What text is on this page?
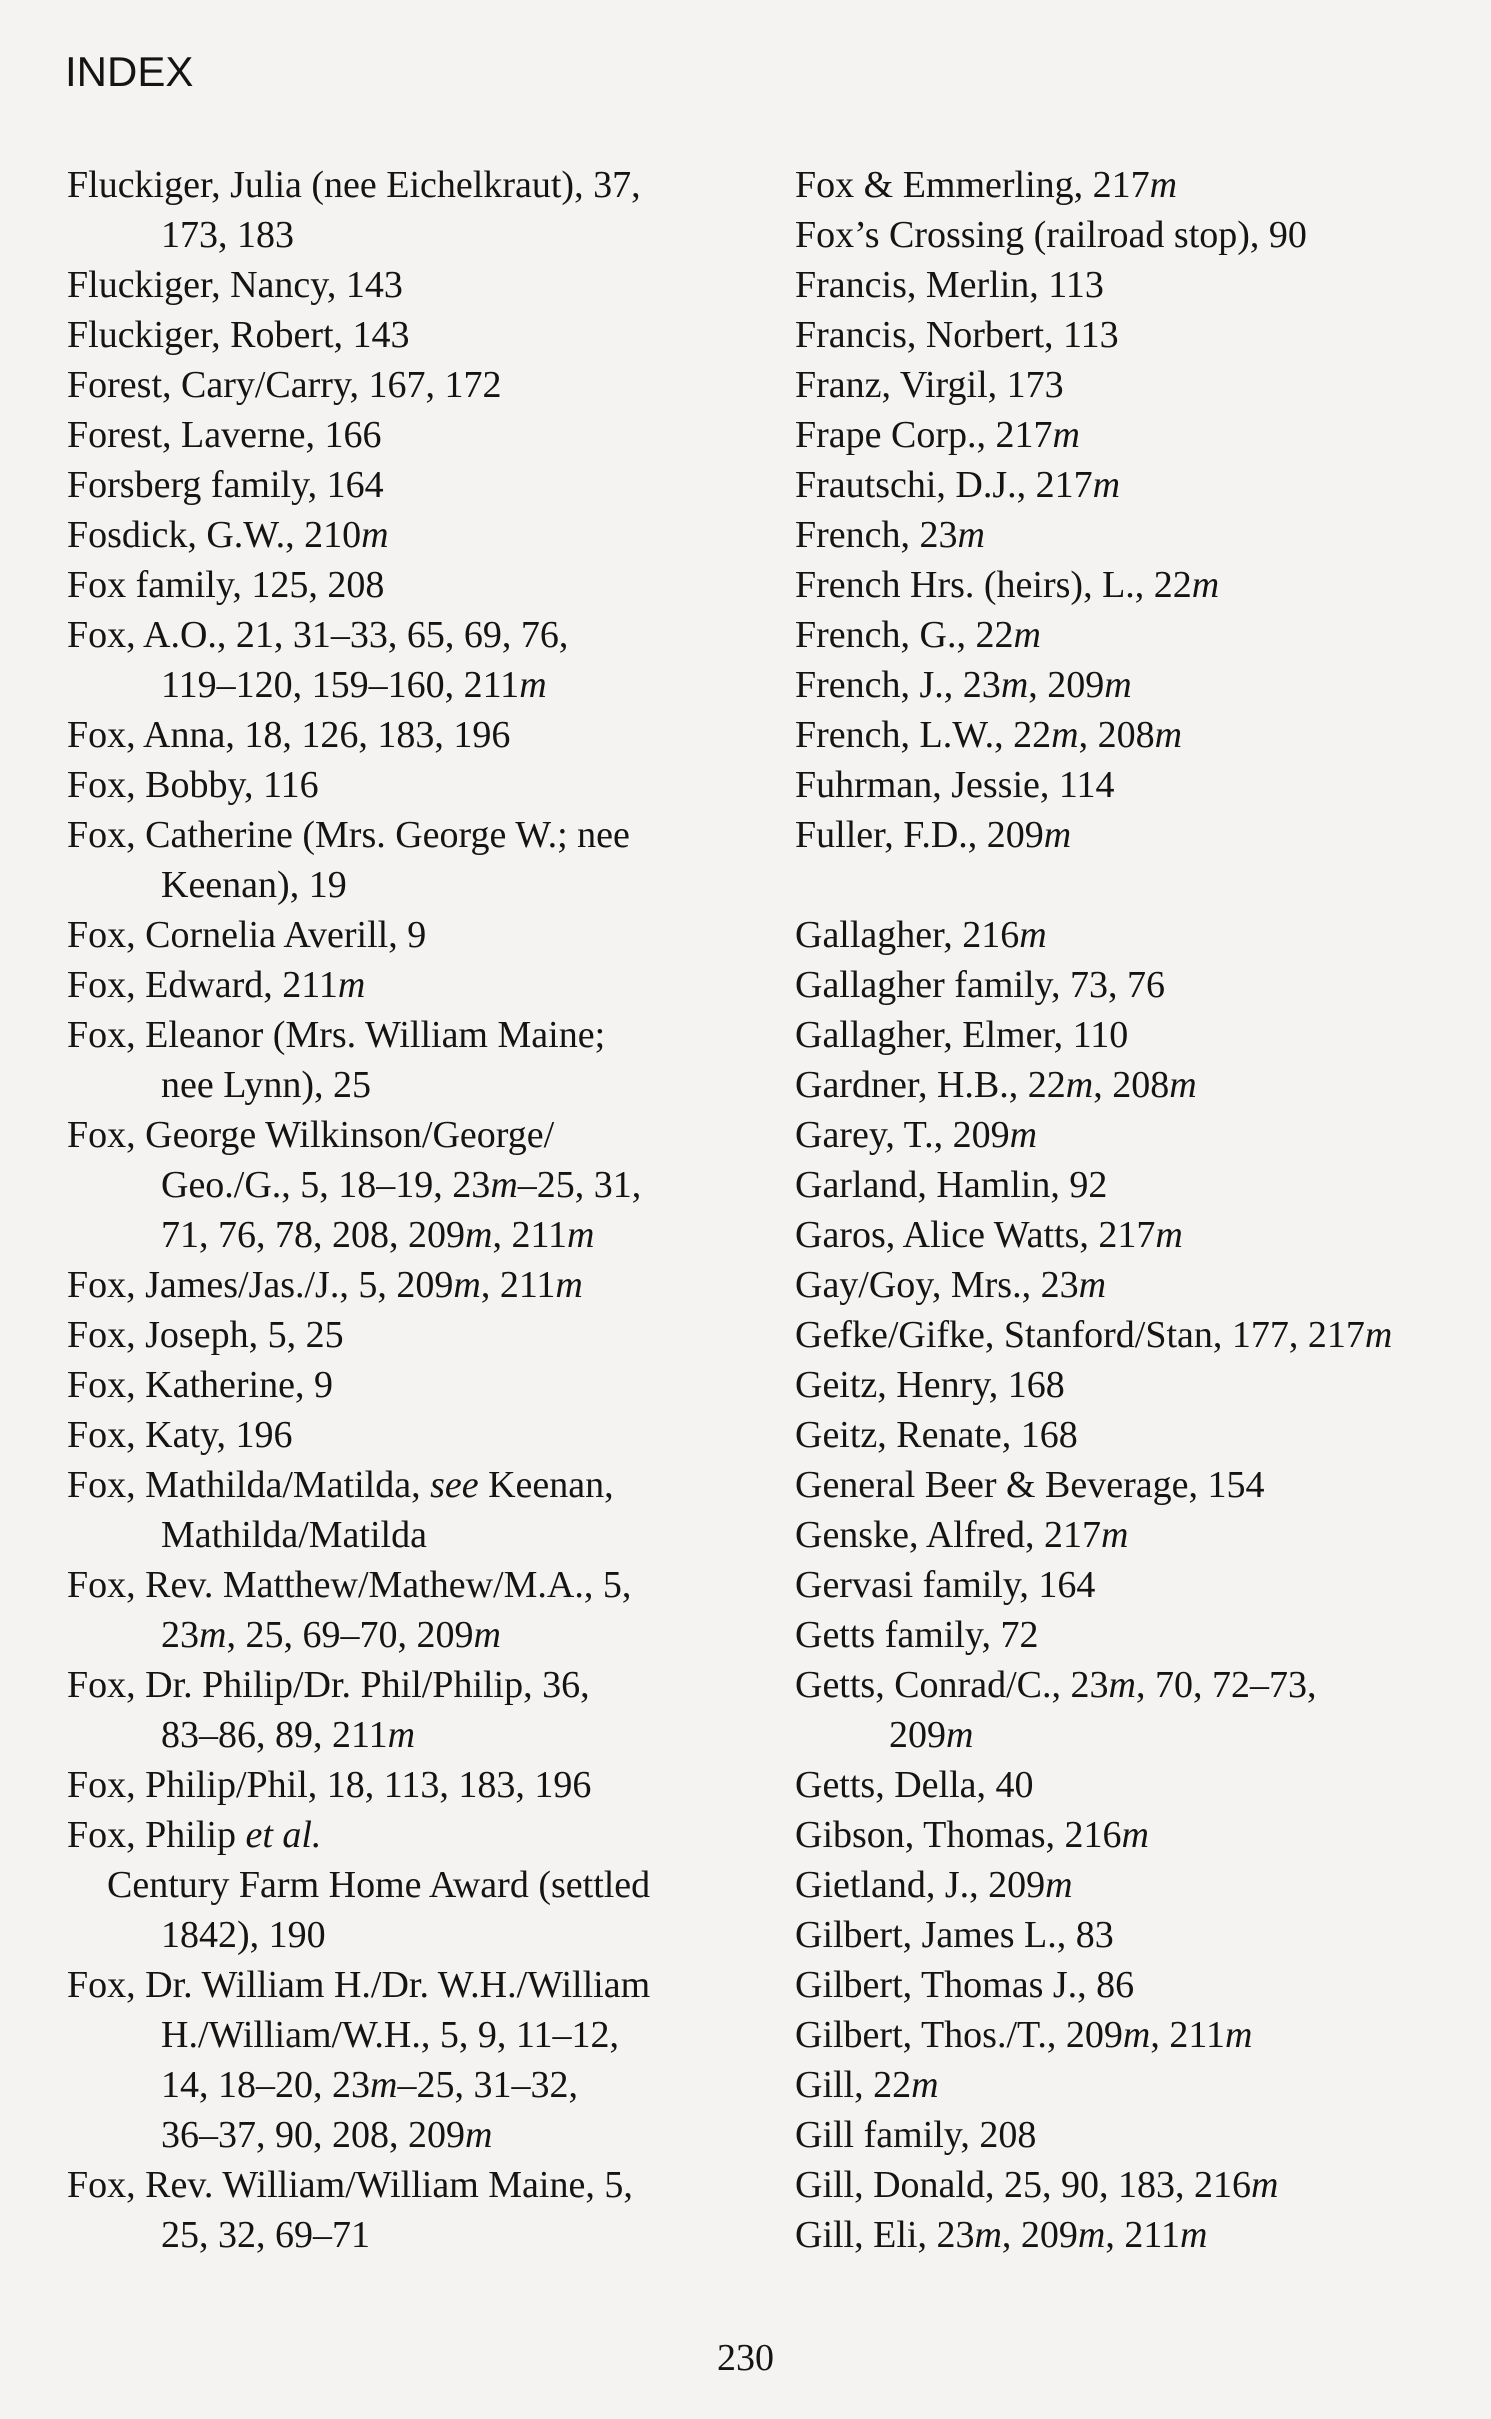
INDEX
Fluckiger, Julia (nee Eichelkraut), 37,
173, 183
Fluckiger, Nancy, 143
Fluckiger, Robert, 143
Forest, Cary/Carry, 167, 172
Forest, Laverne, 166
Forsberg family, 164
Fosdick, G.W., 210m
Fox family, 125, 208
Fox, A.O., 21, 31–33, 65, 69, 76,
119–120, 159–160, 211m
Fox, Anna, 18, 126, 183, 196
Fox, Bobby, 116
Fox, Catherine (Mrs. George W.; nee
Keenan), 19
Fox, Cornelia Averill, 9
Fox, Edward, 211m
Fox, Eleanor (Mrs. William Maine;
nee Lynn), 25
Fox, George Wilkinson/George/
Geo./G., 5, 18–19, 23m–25, 31,
71, 76, 78, 208, 209m, 211m
Fox, James/Jas./J., 5, 209m, 211m
Fox, Joseph, 5, 25
Fox, Katherine, 9
Fox, Katy, 196
Fox, Mathilda/Matilda, see Keenan,
Mathilda/Matilda
Fox, Rev. Matthew/Mathew/M.A., 5,
23m, 25, 69–70, 209m
Fox, Dr. Philip/Dr. Phil/Philip, 36,
83–86, 89, 211m
Fox, Philip/Phil, 18, 113, 183, 196
Fox, Philip et al.
Century Farm Home Award (settled
1842), 190
Fox, Dr. William H./Dr. W.H./William
H./William/W.H., 5, 9, 11–12,
14, 18–20, 23m–25, 31–32,
36–37, 90, 208, 209m
Fox, Rev. William/William Maine, 5,
25, 32, 69–71
Fox & Emmerling, 217m
Fox’s Crossing (railroad stop), 90
Francis, Merlin, 113
Francis, Norbert, 113
Franz, Virgil, 173
Frape Corp., 217m
Frautschi, D.J., 217m
French, 23m
French Hrs. (heirs), L., 22m
French, G., 22m
French, J., 23m, 209m
French, L.W., 22m, 208m
Fuhrman, Jessie, 114
Fuller, F.D., 209m
Gallagher, 216m
Gallagher family, 73, 76
Gallagher, Elmer, 110
Gardner, H.B., 22m, 208m
Garey, T., 209m
Garland, Hamlin, 92
Garos, Alice Watts, 217m
Gay/Goy, Mrs., 23m
Gefke/Gifke, Stanford/Stan, 177, 217m
Geitz, Henry, 168
Geitz, Renate, 168
General Beer & Beverage, 154
Genske, Alfred, 217m
Gervasi family, 164
Getts family, 72
Getts, Conrad/C., 23m, 70, 72–73,
209m
Getts, Della, 40
Gibson, Thomas, 216m
Gietland, J., 209m
Gilbert, James L., 83
Gilbert, Thomas J., 86
Gilbert, Thos./T., 209m, 211m
Gill, 22m
Gill family, 208
Gill, Donald, 25, 90, 183, 216m
Gill, Eli, 23m, 209m, 211m
230
